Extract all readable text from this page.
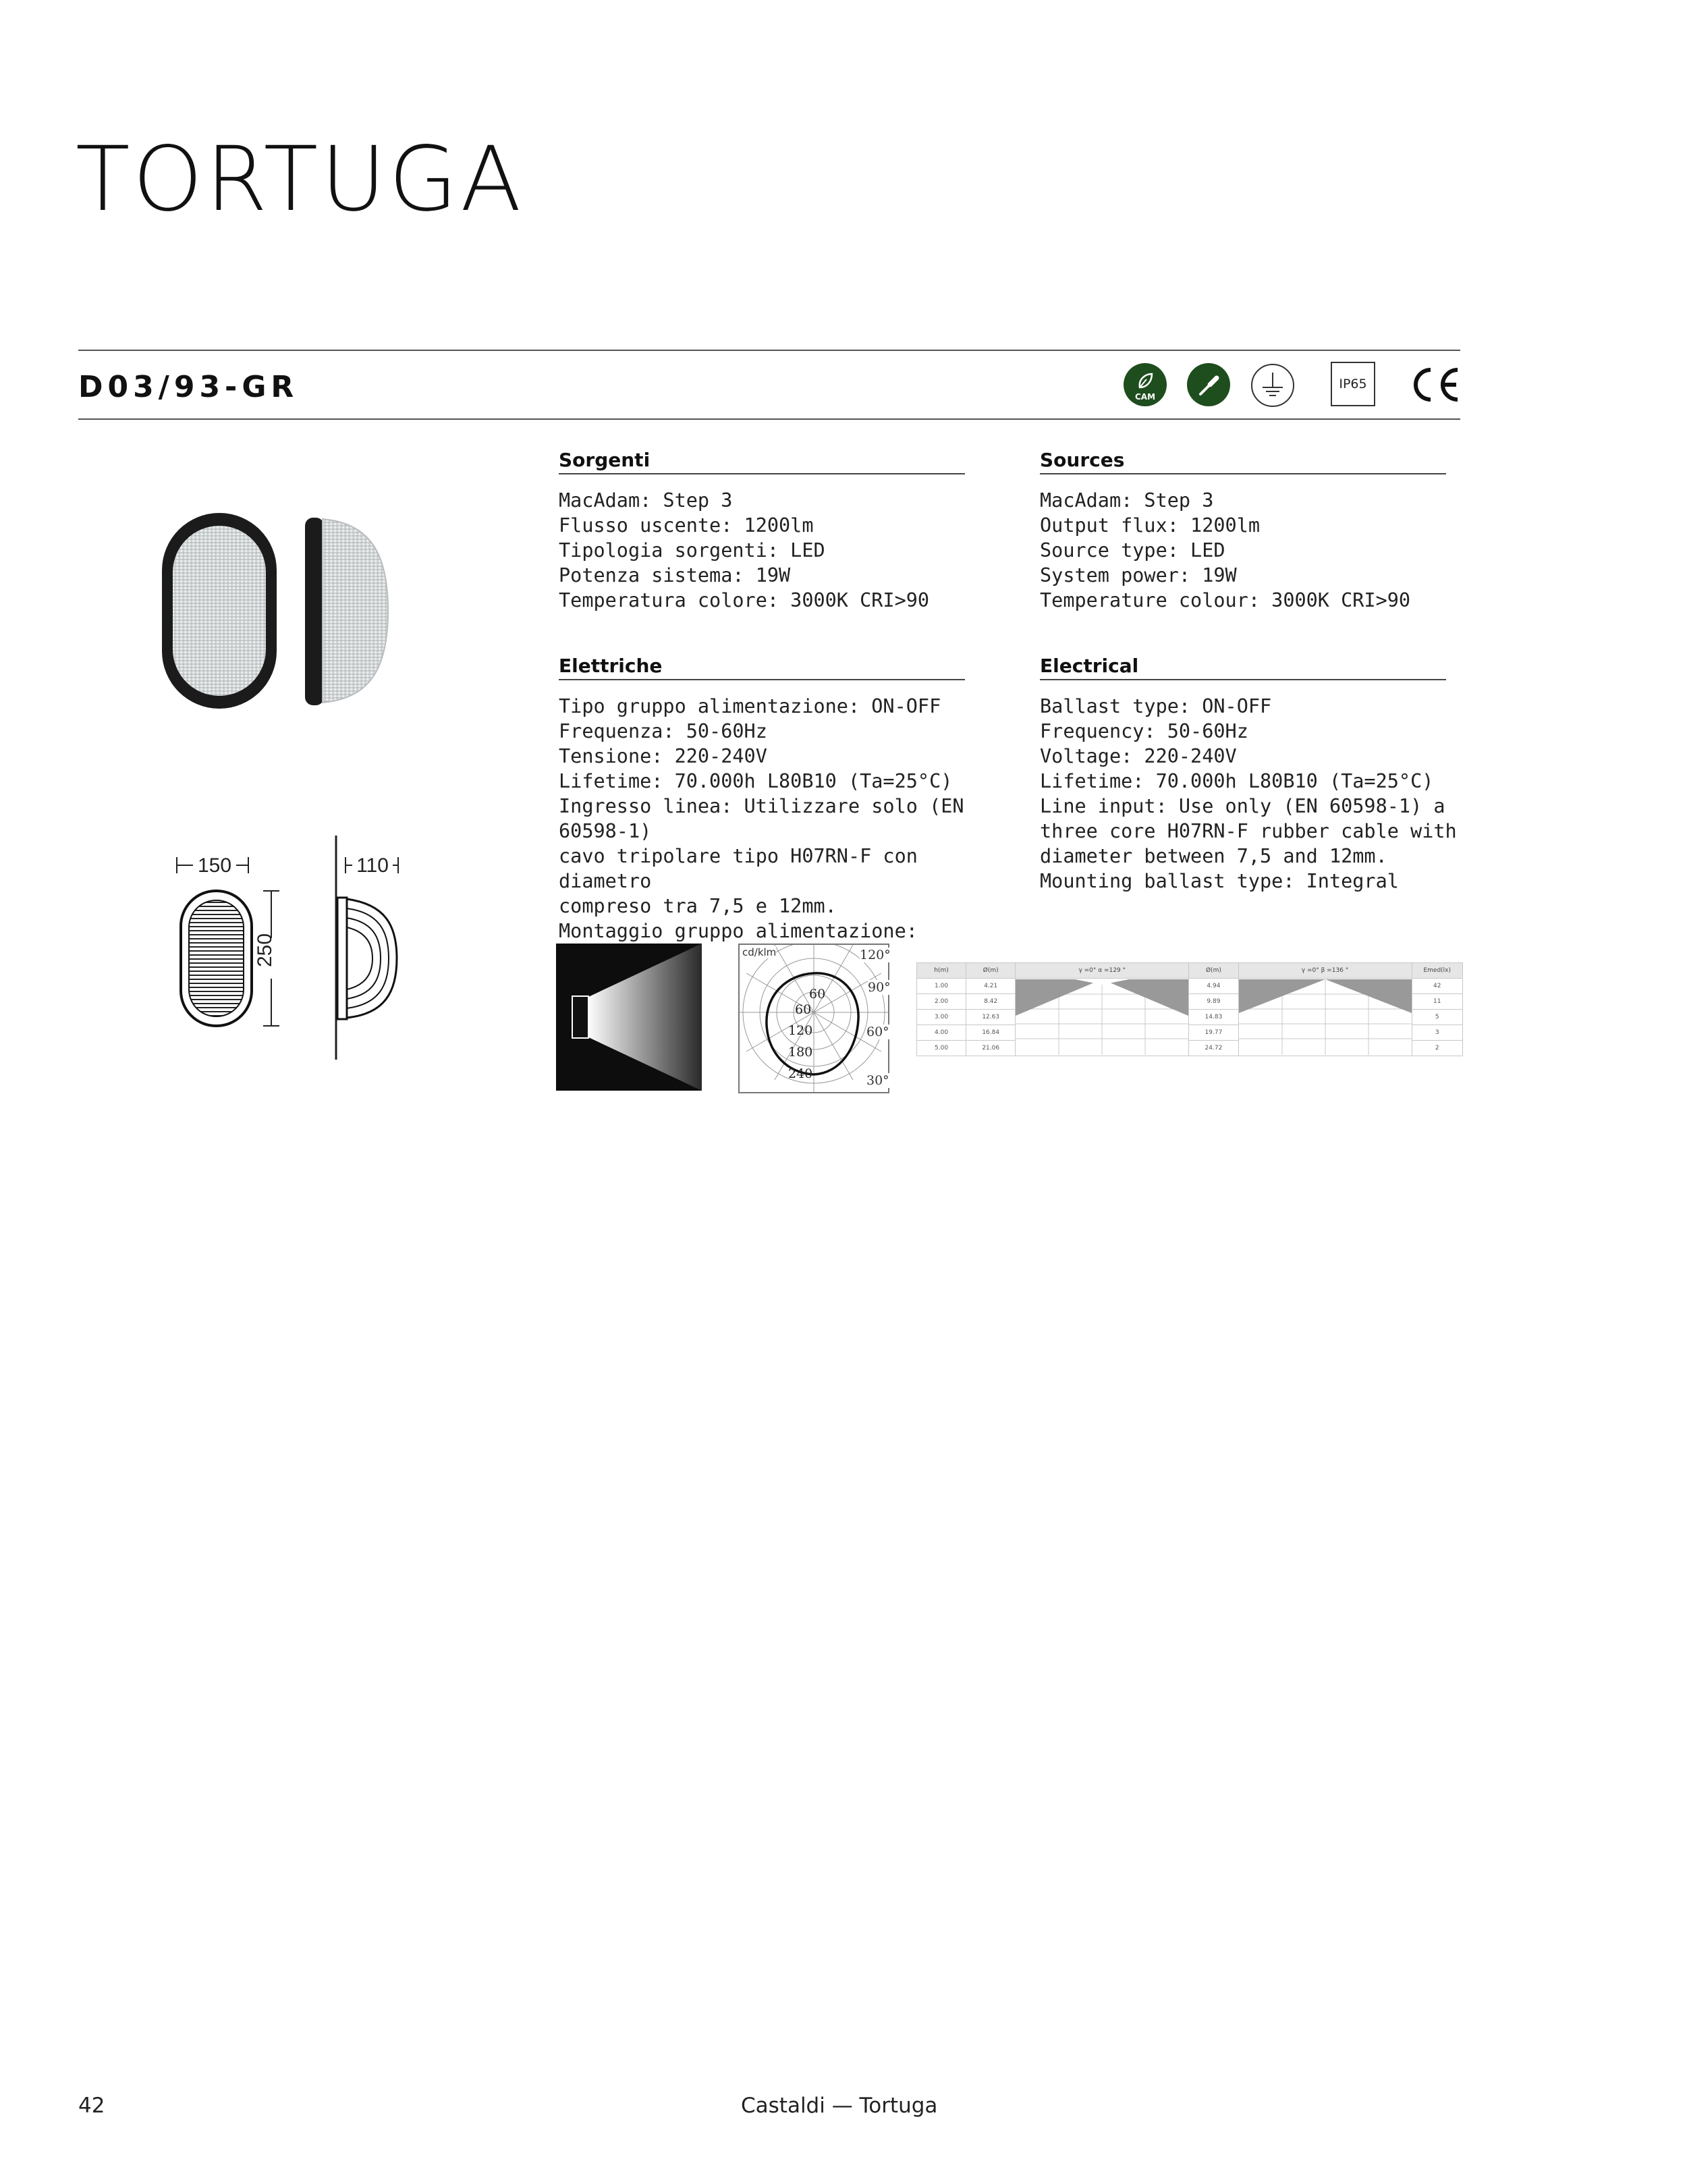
TORTUGA
D03/93-GR	CAM
IP65
150
250
110
Sorgenti
MacAdam: Step 3
Flusso uscente: 1200lm
Tipologia sorgenti: LED
Potenza sistema: 19W
Temperatura colore: 3000K CRI>90
Sources
MacAdam: Step 3
Output flux: 1200lm
Source type: LED
System power: 19W
Temperature colour: 3000K CRI>90
Elettriche
Tipo gruppo alimentazione: ON-OFF
Frequenza: 50-60Hz
Tensione: 220-240V
Lifetime: 70.000h L80B10 (Ta=25°C)
Ingresso linea: Utilizzare solo (EN 60598-1)
cavo tripolare tipo H07RN-F con diametro
compreso tra 7,5 e 12mm.
Montaggio gruppo alimentazione:
Electrical
Ballast type: ON-OFF
Frequency: 50-60Hz
Voltage: 220-240V
Lifetime: 70.000h L80B10 (Ta=25°C)
Line input: Use only (EN 60598-1) a
three core H07RN-F rubber cable with
diameter between 7,5 and 12mm.
Mounting ballast type: Integral
cd/klm	120°
90°
60°
30°
60
60
120
180
240
h(m)	Ø(m)	γ =0° α =129 °	Ø(m)	γ =0° β =136 °	Emed(lx)
1.00	4.21		4.94		42
2.00	8.42		9.89		11
3.00	12.63		14.83		5
4.00	16.84		19.77		3
5.00	21.06		24.72		2
42	Castaldi — Tortuga
